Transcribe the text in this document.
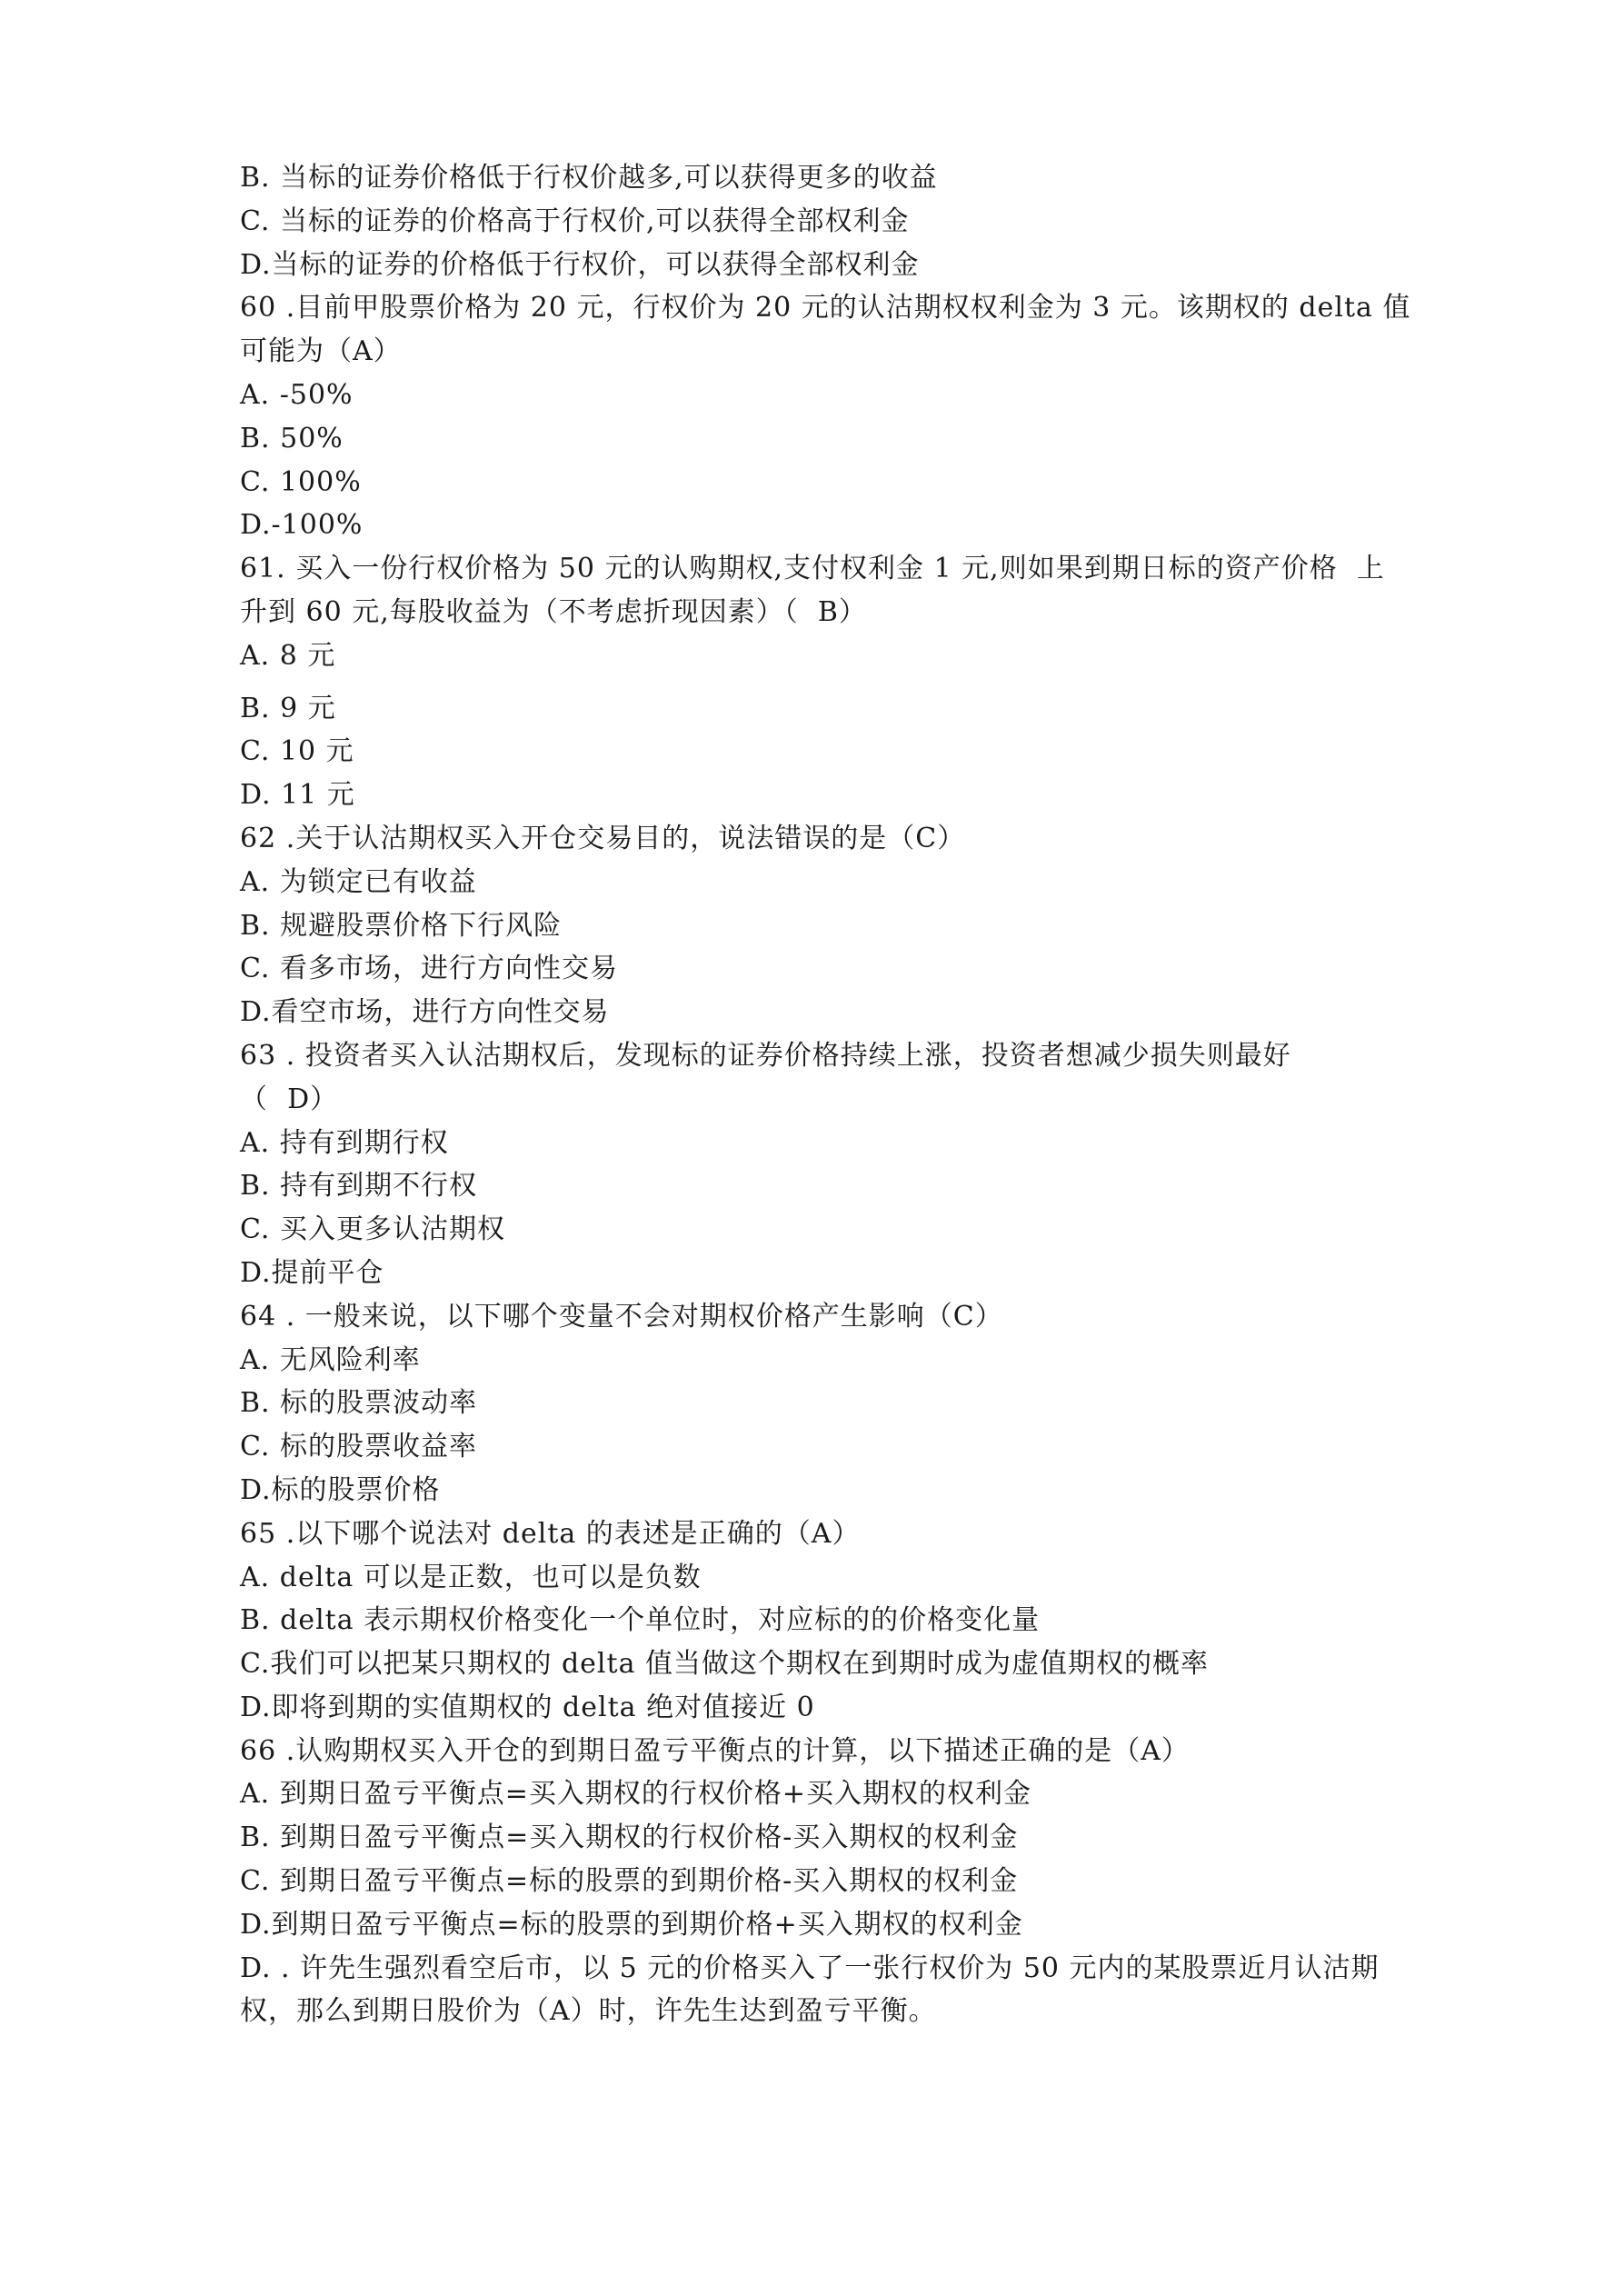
B. 当标的证券价格低于行权价越多,可以获得更多的收益
C. 当标的证券的价格高于行权价,可以获得全部权利金
D.当标的证券的价格低于行权价，可以获得全部权利金
60 .目前甲股票价格为 20 元，行权价为 20 元的认沽期权权利金为 3 元。该期权的 delta 值
可能为（A）
A. -50%
B. 50%
C. 100%
D.-100%
61. 买入一份行权价格为 50 元的认购期权,支付权利金 1 元,则如果到期日标的资产价格  上
升到 60 元,每股收益为（不考虑折现因素）（  B）
A. 8 元
B. 9 元
C. 10 元
D. 11 元
62 .关于认沽期权买入开仓交易目的，说法错误的是（C）
A. 为锁定已有收益
B. 规避股票价格下行风险
C. 看多市场，进行方向性交易
D.看空市场，进行方向性交易
63 . 投资者买入认沽期权后，发现标的证券价格持续上涨，投资者想减少损失则最好
（  D）
A. 持有到期行权
B. 持有到期不行权
C. 买入更多认沽期权
D.提前平仓
64 . 一般来说，以下哪个变量不会对期权价格产生影响（C）
A. 无风险利率
B. 标的股票波动率
C. 标的股票收益率
D.标的股票价格
65 .以下哪个说法对 delta 的表述是正确的（A）
A. delta 可以是正数，也可以是负数
B. delta 表示期权价格变化一个单位时，对应标的的价格变化量
C.我们可以把某只期权的 delta 值当做这个期权在到期时成为虚值期权的概率
D.即将到期的实值期权的 delta 绝对值接近 0
66 .认购期权买入开仓的到期日盈亏平衡点的计算，以下描述正确的是（A）
A. 到期日盈亏平衡点=买入期权的行权价格+买入期权的权利金
B. 到期日盈亏平衡点=买入期权的行权价格-买入期权的权利金
C. 到期日盈亏平衡点=标的股票的到期价格-买入期权的权利金
D.到期日盈亏平衡点=标的股票的到期价格+买入期权的权利金
D. . 许先生强烈看空后市，以 5 元的价格买入了一张行权价为 50 元内的某股票近月认沽期
权，那么到期日股价为（A）时，许先生达到盈亏平衡。
